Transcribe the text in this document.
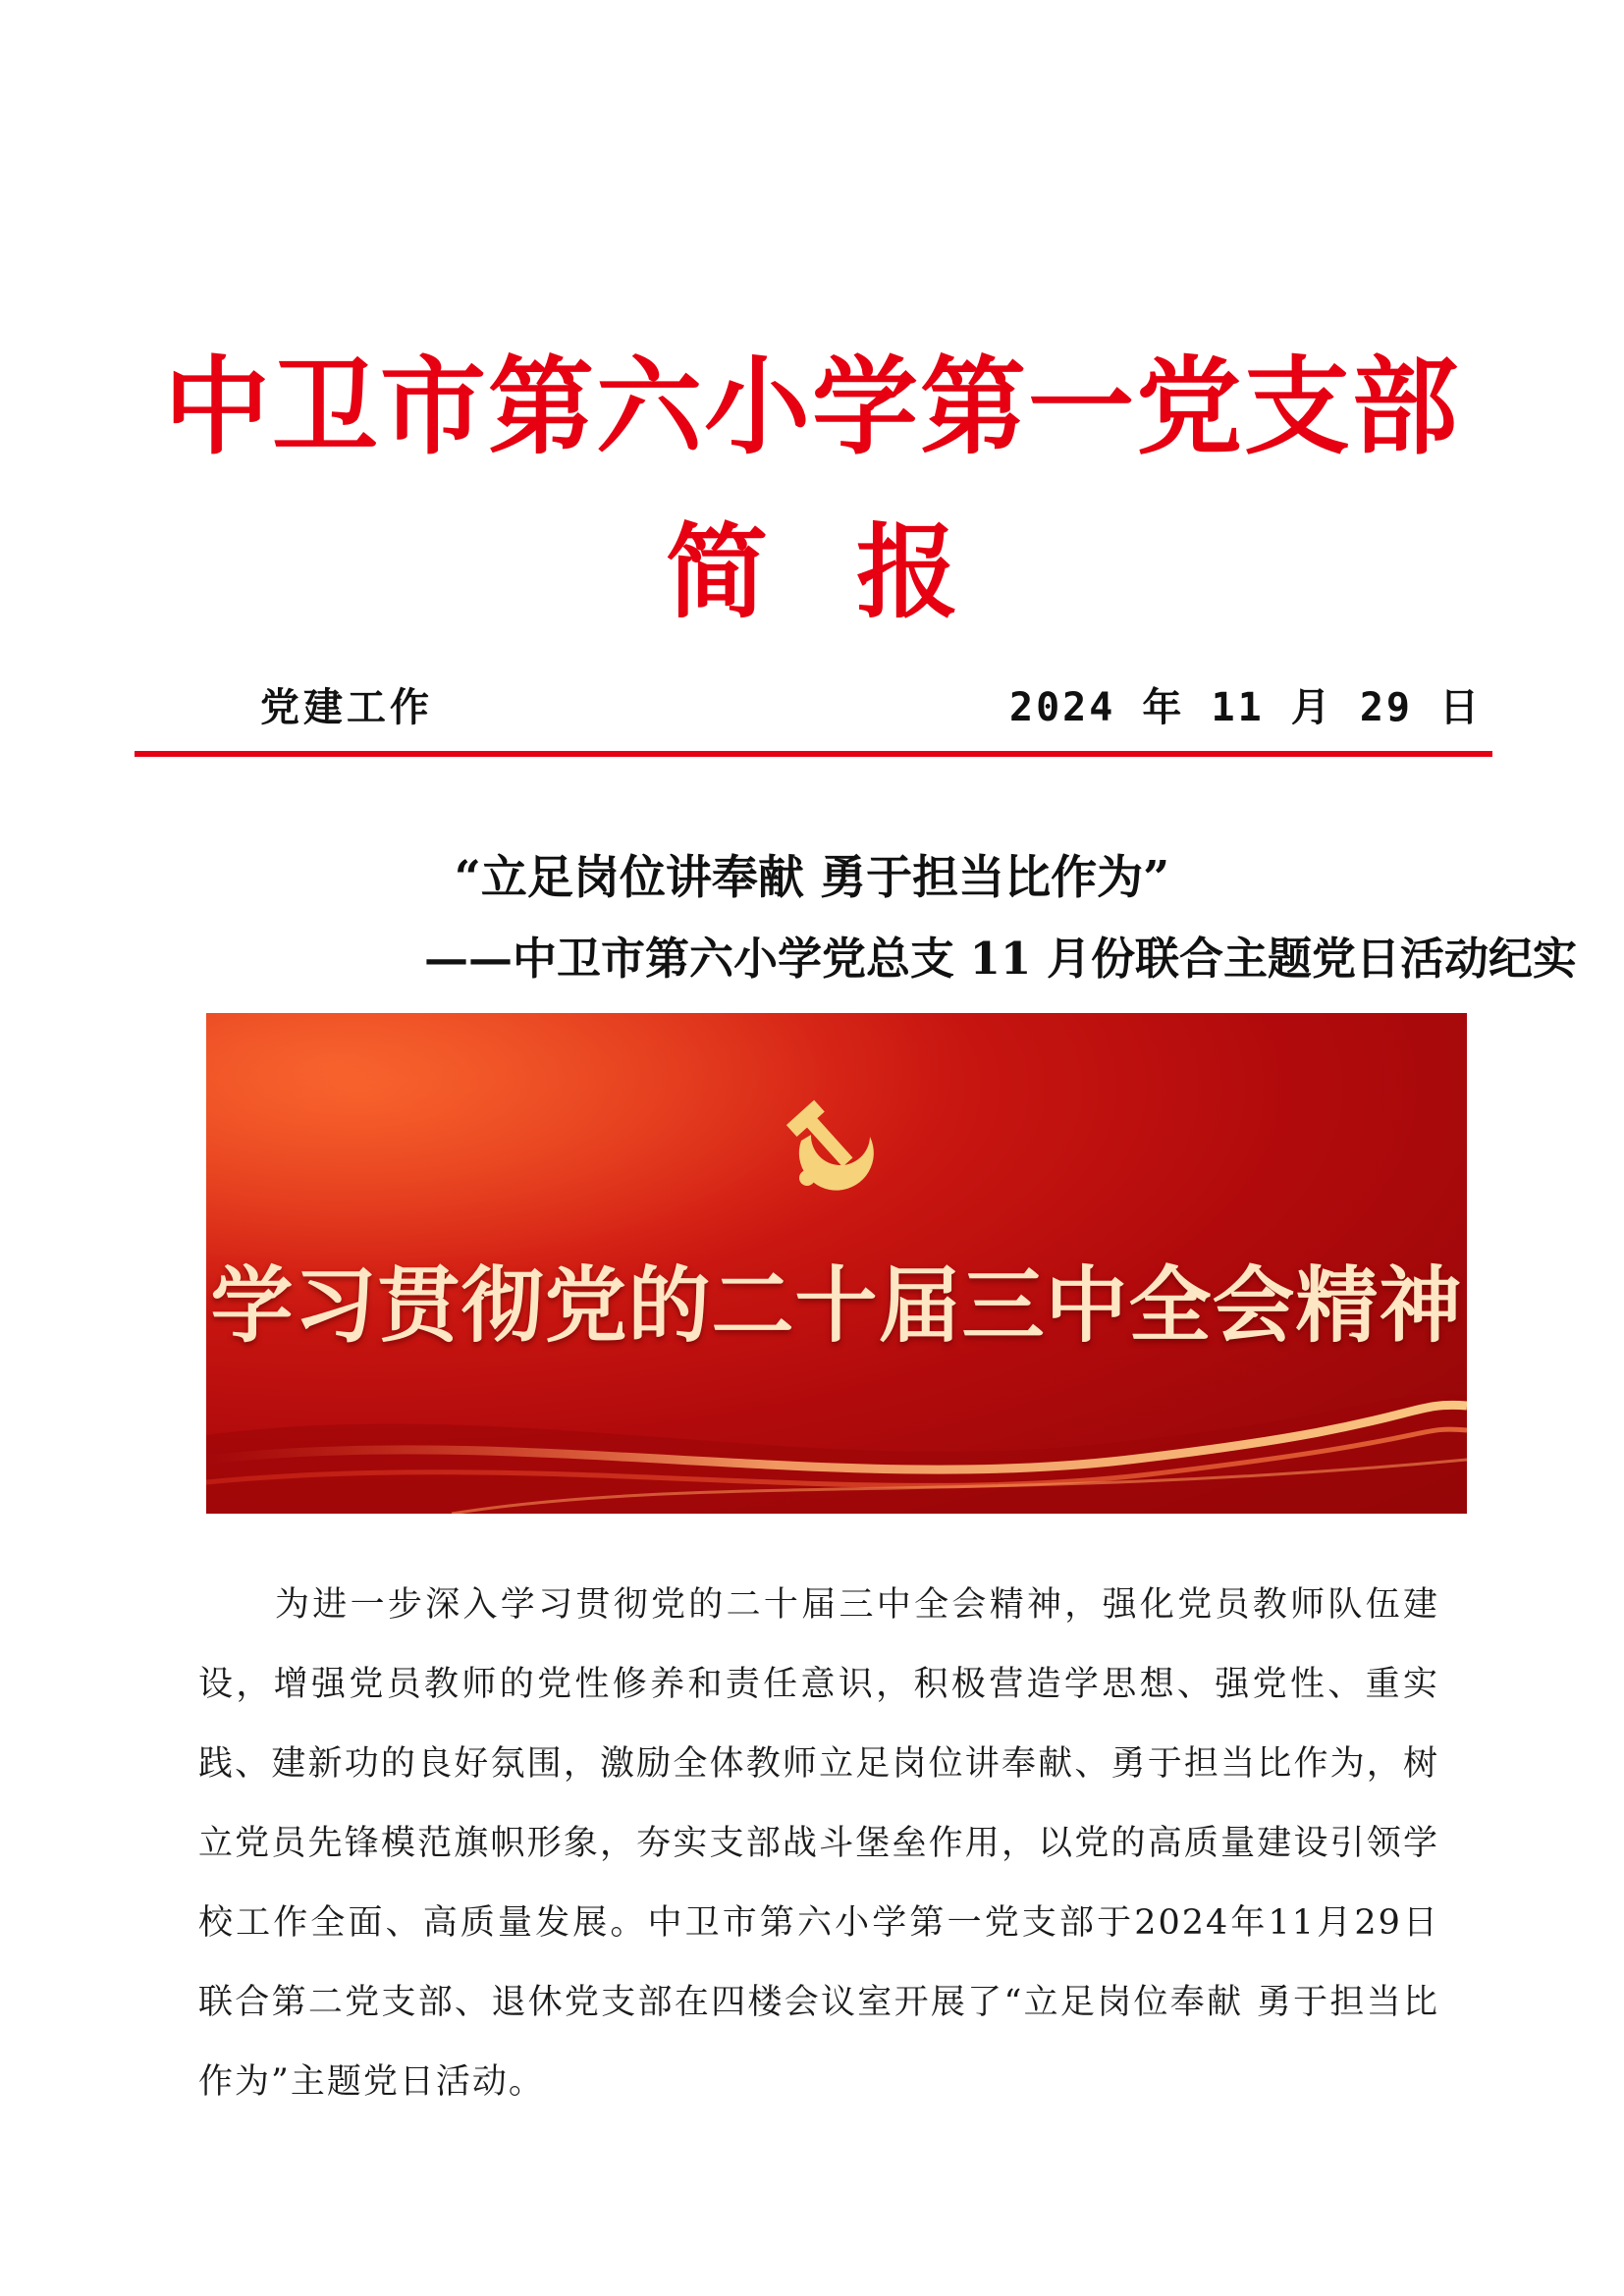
中卫市第六小学第一党支部
简报
党建工作	2024 年 11 月 29 日
“立足岗位讲奉献 勇于担当比作为”
——中卫市第六小学党总支 11 月份联合主题党日活动纪实
学习贯彻党的二十届三中全会精神

为进一步深入学习贯彻党的二十届三中全会精神，强化党员教师队伍建设，增强党员教师的党性修养和责任意识，积极营造学思想、强党性、重实践、建新功的良好氛围，激励全体教师立足岗位讲奉献、勇于担当比作为，树立党员先锋模范旗帜形象，夯实支部战斗堡垒作用，以党的高质量建设引领学校工作全面、高质量发展。中卫市第六小学第一党支部于2024年11月29日联合第二党支部、退休党支部在四楼会议室开展了“立足岗位奉献 勇于担当比作为”主题党日活动。
